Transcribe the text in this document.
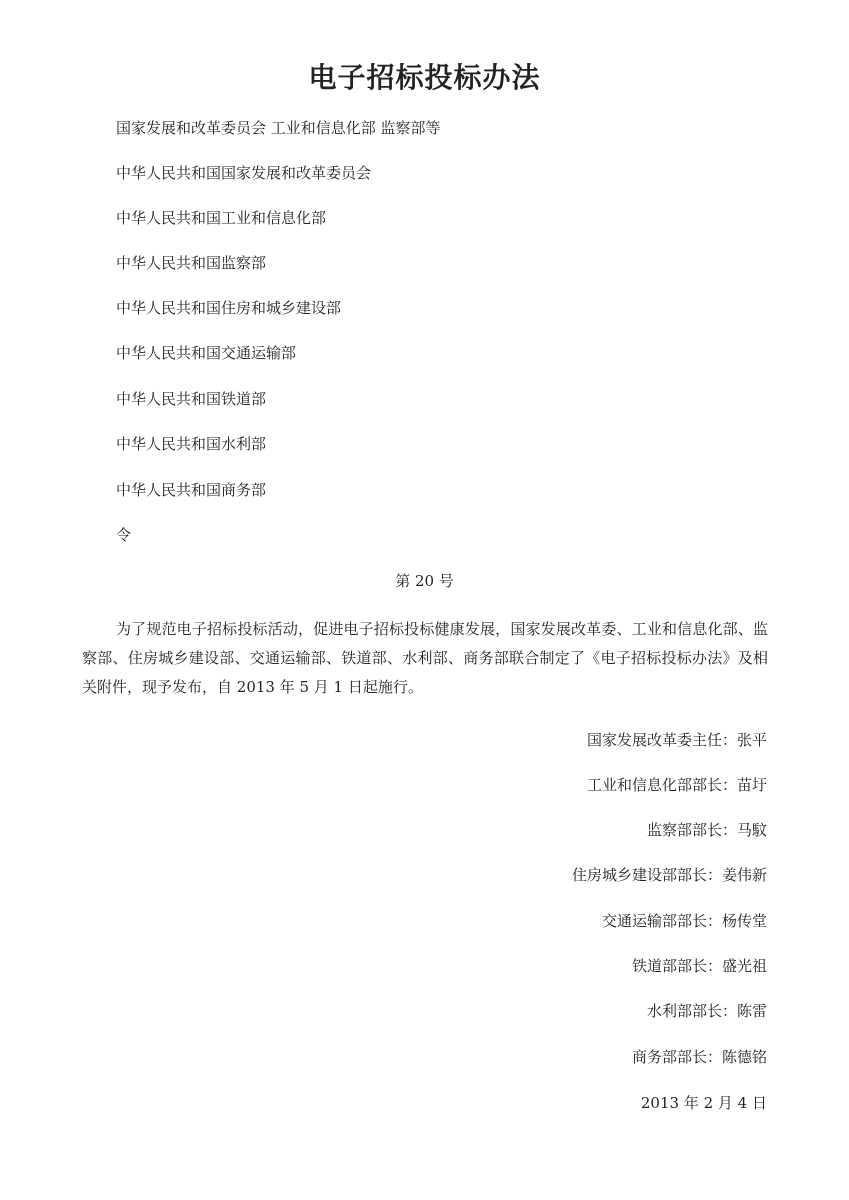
电子招标投标办法

国家发展和改革委员会 工业和信息化部 监察部等

中华人民共和国国家发展和改革委员会

中华人民共和国工业和信息化部

中华人民共和国监察部

中华人民共和国住房和城乡建设部

中华人民共和国交通运输部

中华人民共和国铁道部

中华人民共和国水利部

中华人民共和国商务部

令

第 20 号

为了规范电子招标投标活动，促进电子招标投标健康发展，国家发展改革委、工业和信息化部、监察部、住房城乡建设部、交通运输部、铁道部、水利部、商务部联合制定了《电子招标投标办法》及相关附件，现予发布，自 2013 年 5 月 1 日起施行。

国家发展改革委主任：张平

工业和信息化部部长：苗圩

监察部部长：马馼

住房城乡建设部部长：姜伟新

交通运输部部长：杨传堂

铁道部部长：盛光祖

水利部部长：陈雷

商务部部长：陈德铭

2013 年 2 月 4 日
